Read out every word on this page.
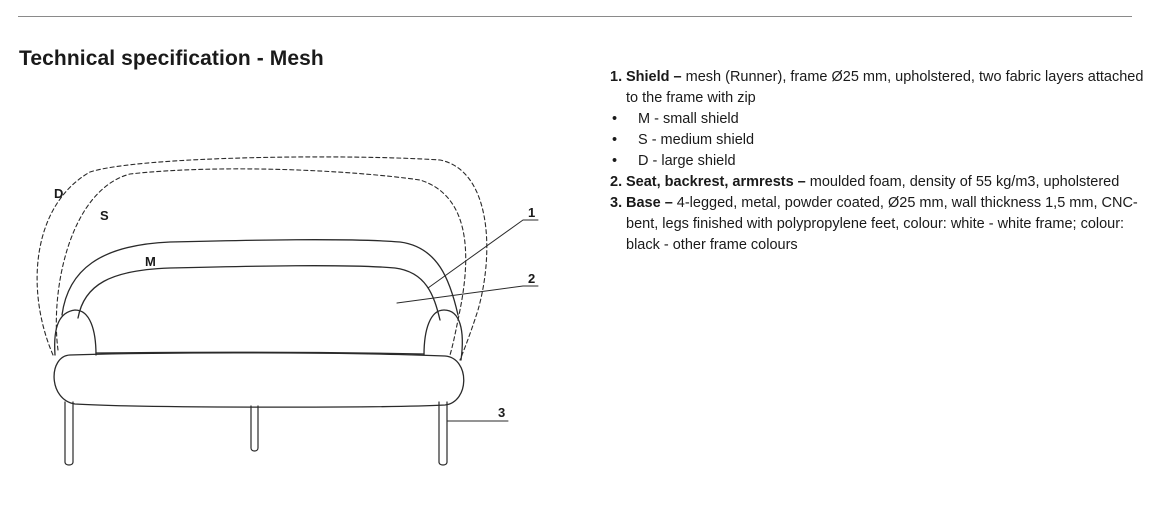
Technical specification - Mesh
D
S
M
1
2
3
1. Shield – mesh (Runner), frame Ø25 mm, upholstered, two fabric layers attached to the frame with zip
• M - small shield
• S - medium shield
• D - large shield
2. Seat, backrest, armrests – moulded foam, density of 55 kg/m3, upholstered
3. Base – 4-legged, metal, powder coated, Ø25 mm, wall thickness 1,5 mm, CNC-bent, legs finished with polypropylene feet, colour: white - white frame; colour: black - other frame colours
